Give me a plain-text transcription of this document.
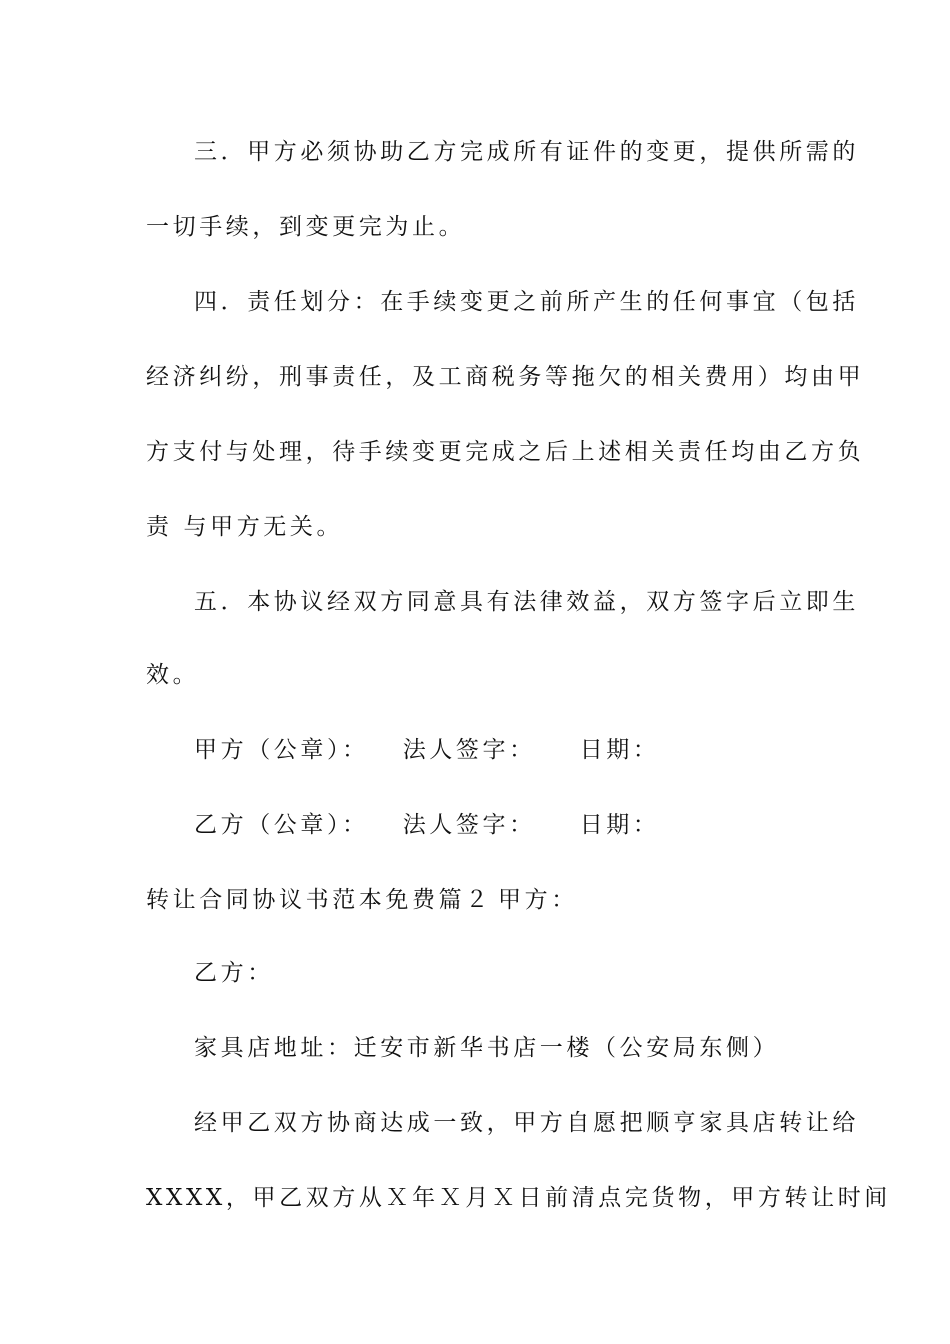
三．甲方必须协助乙方完成所有证件的变更，提供所需的
一切手续，到变更完为止。
四．责任划分：在手续变更之前所产生的任何事宜（包括
经济纠纷，刑事责任，及工商税务等拖欠的相关费用）均由甲
方支付与处理，待手续变更完成之后上述相关责任均由乙方负
责 与甲方无关。
五．本协议经双方同意具有法律效益，双方签字后立即生
效。
甲方（公章）： 法人签字： 日期：
乙方（公章）： 法人签字： 日期：
转让合同协议书范本免费篇２ 甲方：
乙方：
家具店地址：迁安市新华书店一楼（公安局东侧）
经甲乙双方协商达成一致，甲方自愿把顺亨家具店转让给
XXXX，甲乙双方从Ｘ年Ｘ月Ｘ日前清点完货物，甲方转让时间
